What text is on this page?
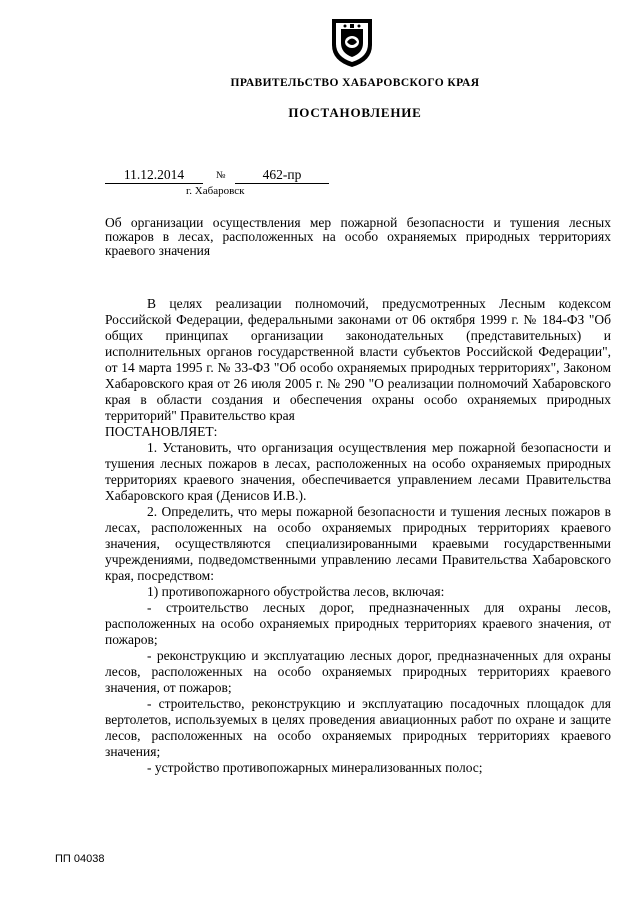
ПРАВИТЕЛЬСТВО ХАБАРОВСКОГО КРАЯ
ПОСТАНОВЛЕНИЕ
11.12.2014	№	462-пр
г. Хабаровск
Об организации осуществления мер пожарной безопасности и тушения лесных пожаров в лесах, расположенных на особо охраняемых природных территориях краевого значения

В целях реализации полномочий, предусмотренных Лесным кодексом Российской Федерации, федеральными законами от 06 октября 1999 г. № 184-ФЗ "Об общих принципах организации законодательных (представительных) и исполнительных органов государственной власти субъектов Российской Федерации", от 14 марта 1995 г. № 33-ФЗ "Об особо охраняемых природных территориях", Законом Хабаровского края от 26 июля 2005 г. № 290 "О реализации полномочий Хабаровского края в области создания и обеспечения охраны особо охраняемых природных территорий" Правительство края

ПОСТАНОВЛЯЕТ:

1. Установить, что организация осуществления мер пожарной безопасности и тушения лесных пожаров в лесах, расположенных на особо охраняемых природных территориях краевого значения, обеспечивается управлением лесами Правительства Хабаровского края (Денисов И.В.).

2. Определить, что меры пожарной безопасности и тушения лесных пожаров в лесах, расположенных на особо охраняемых природных территориях краевого значения, осуществляются специализированными краевыми государственными учреждениями, подведомственными управлению лесами Правительства Хабаровского края, посредством:

1) противопожарного обустройства лесов, включая:

- строительство лесных дорог, предназначенных для охраны лесов, расположенных на особо охраняемых природных территориях краевого значения, от пожаров;

- реконструкцию и эксплуатацию лесных дорог, предназначенных для охраны лесов, расположенных на особо охраняемых природных территориях краевого значения, от пожаров;

- строительство, реконструкцию и эксплуатацию посадочных площадок для вертолетов, используемых в целях проведения авиационных работ по охране и защите лесов, расположенных на особо охраняемых природных территориях краевого значения;

- устройство противопожарных минерализованных полос;

ПП 04038
